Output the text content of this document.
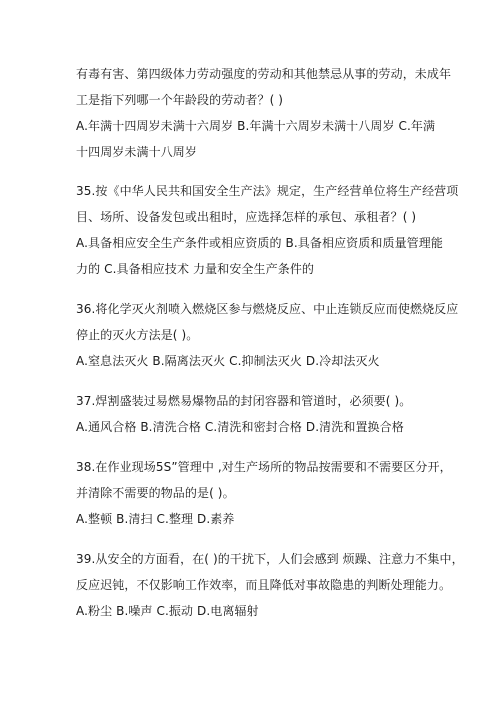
有毒有害、第四级体力劳动强度的劳动和其他禁忌从事的劳动，未成年
工是指下列哪一个年龄段的劳动者？( )
A.年满十四周岁未满十六周岁 B.年满十六周岁未满十八周岁 C.年满
十四周岁未满十八周岁
35.按《中华人民共和国安全生产法》规定，生产经营单位将生产经营项
目、场所、设备发包或出租时，应选择怎样的承包、承租者？( )
A.具备相应安全生产条件或相应资质的 B.具备相应资质和质量管理能
力的 C.具备相应技术 力量和安全生产条件的
36.将化学灭火剂喷入燃烧区参与燃烧反应、中止连锁反应而使燃烧反应
停止的灭火方法是( )。
A.窒息法灭火 B.隔离法灭火 C.抑制法灭火 D.冷却法灭火
37.焊割盛装过易燃易爆物品的封闭容器和管道时，必须要( )。
A.通风合格 B.清洗合格 C.清洗和密封合格 D.清洗和置换合格
38.在作业现场5S”管理中 ,对生产场所的物品按需要和不需要区分开，
并清除不需要的物品的是( )。
A.整顿 B.清扫 C.整理 D.素养
39.从安全的方面看，在( )的干扰下，人们会感到 烦躁、注意力不集中，
反应迟钝，不仅影响工作效率，而且降低对事故隐患的判断处理能力。
A.粉尘 B.噪声 C.振动 D.电离辐射
